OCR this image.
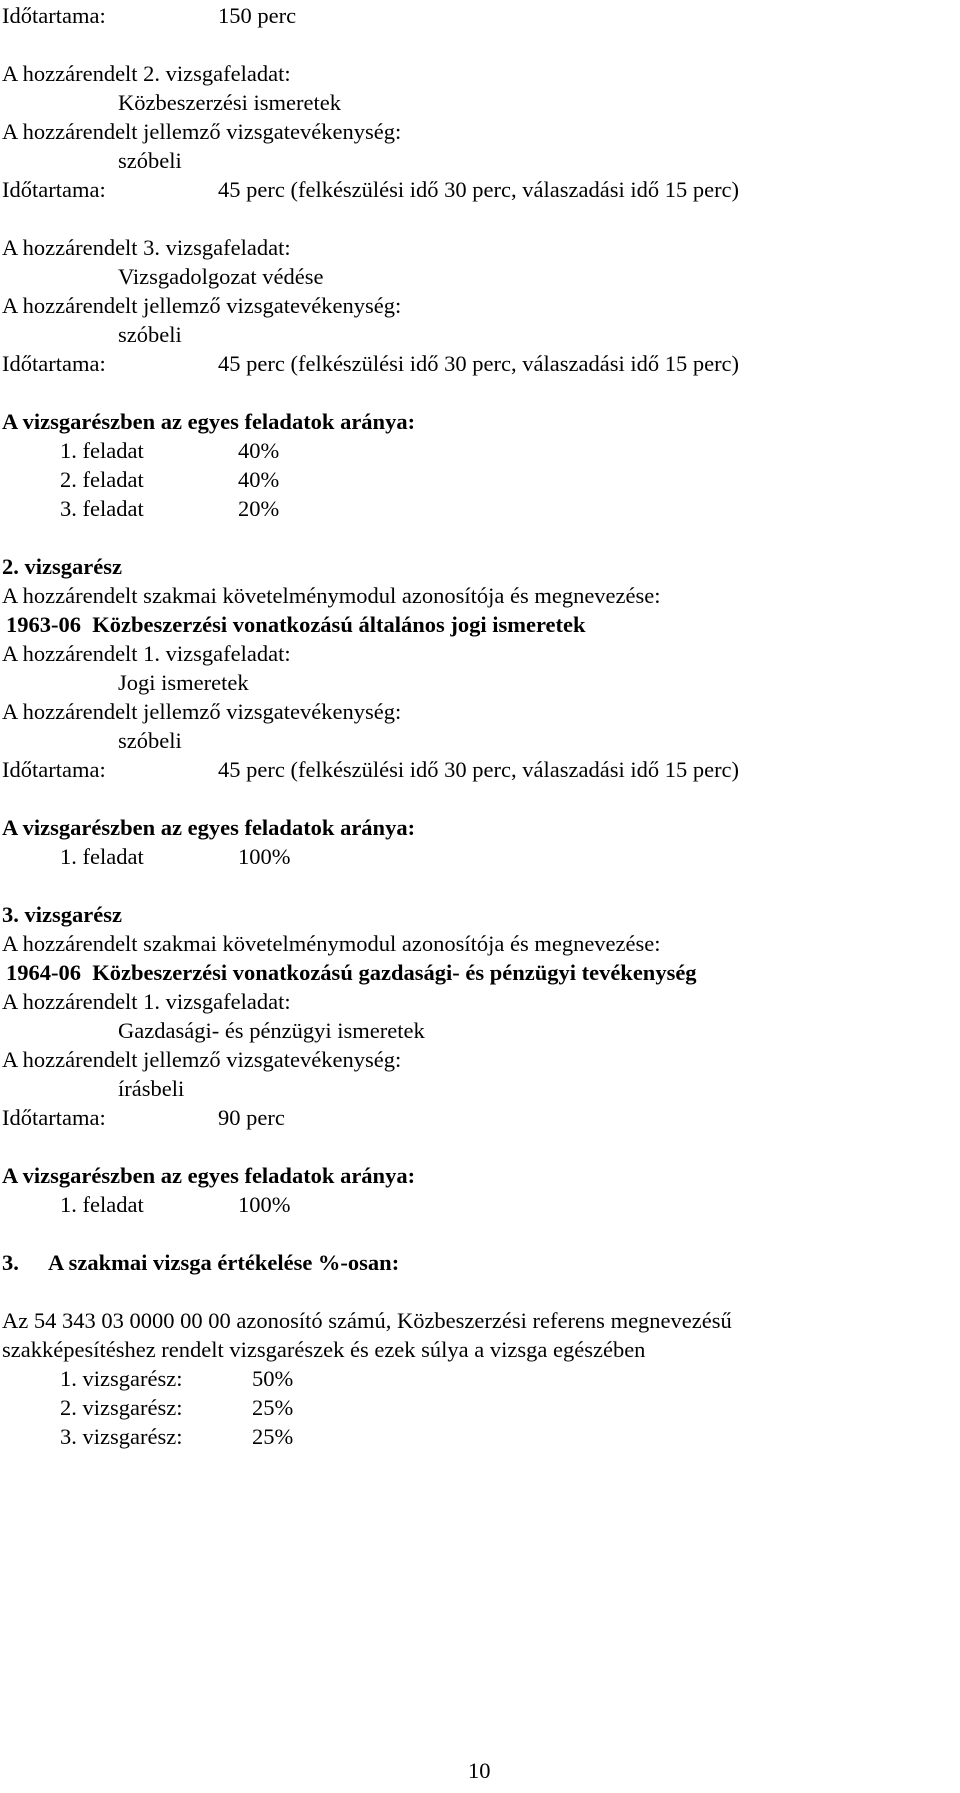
Időtartama:	150 perc
A hozzárendelt 2. vizsgafeladat:
Közbeszerzési ismeretek
A hozzárendelt jellemző vizsgatevékenység:
szóbeli
Időtartama:	45 perc (felkészülési idő 30 perc, válaszadási idő 15 perc)
A hozzárendelt 3. vizsgafeladat:
Vizsgadolgozat védése
A hozzárendelt jellemző vizsgatevékenység:
szóbeli
Időtartama:	45 perc (felkészülési idő 30 perc, válaszadási idő 15 perc)
A vizsgarészben az egyes feladatok aránya:
1. feladat	40%
2. feladat	40%
3. feladat	20%
2. vizsgarész
A hozzárendelt szakmai követelménymodul azonosítója és megnevezése:
1963-06  Közbeszerzési vonatkozású általános jogi ismeretek
A hozzárendelt 1. vizsgafeladat:
Jogi ismeretek
A hozzárendelt jellemző vizsgatevékenység:
szóbeli
Időtartama:	45 perc (felkészülési idő 30 perc, válaszadási idő 15 perc)
A vizsgarészben az egyes feladatok aránya:
1. feladat	100%
3. vizsgarész
A hozzárendelt szakmai követelménymodul azonosítója és megnevezése:
1964-06  Közbeszerzési vonatkozású gazdasági- és pénzügyi tevékenység
A hozzárendelt 1. vizsgafeladat:
Gazdasági- és pénzügyi ismeretek
A hozzárendelt jellemző vizsgatevékenység:
írásbeli
Időtartama:	90 perc
A vizsgarészben az egyes feladatok aránya:
1. feladat	100%
3. A szakmai vizsga értékelése %-osan:
Az 54 343 03 0000 00 00 azonosító számú, Közbeszerzési referens megnevezésű
szakképesítéshez rendelt vizsgarészek és ezek súlya a vizsga egészében
1. vizsgarész:	50%
2. vizsgarész:	25%
3. vizsgarész:	25%
10
